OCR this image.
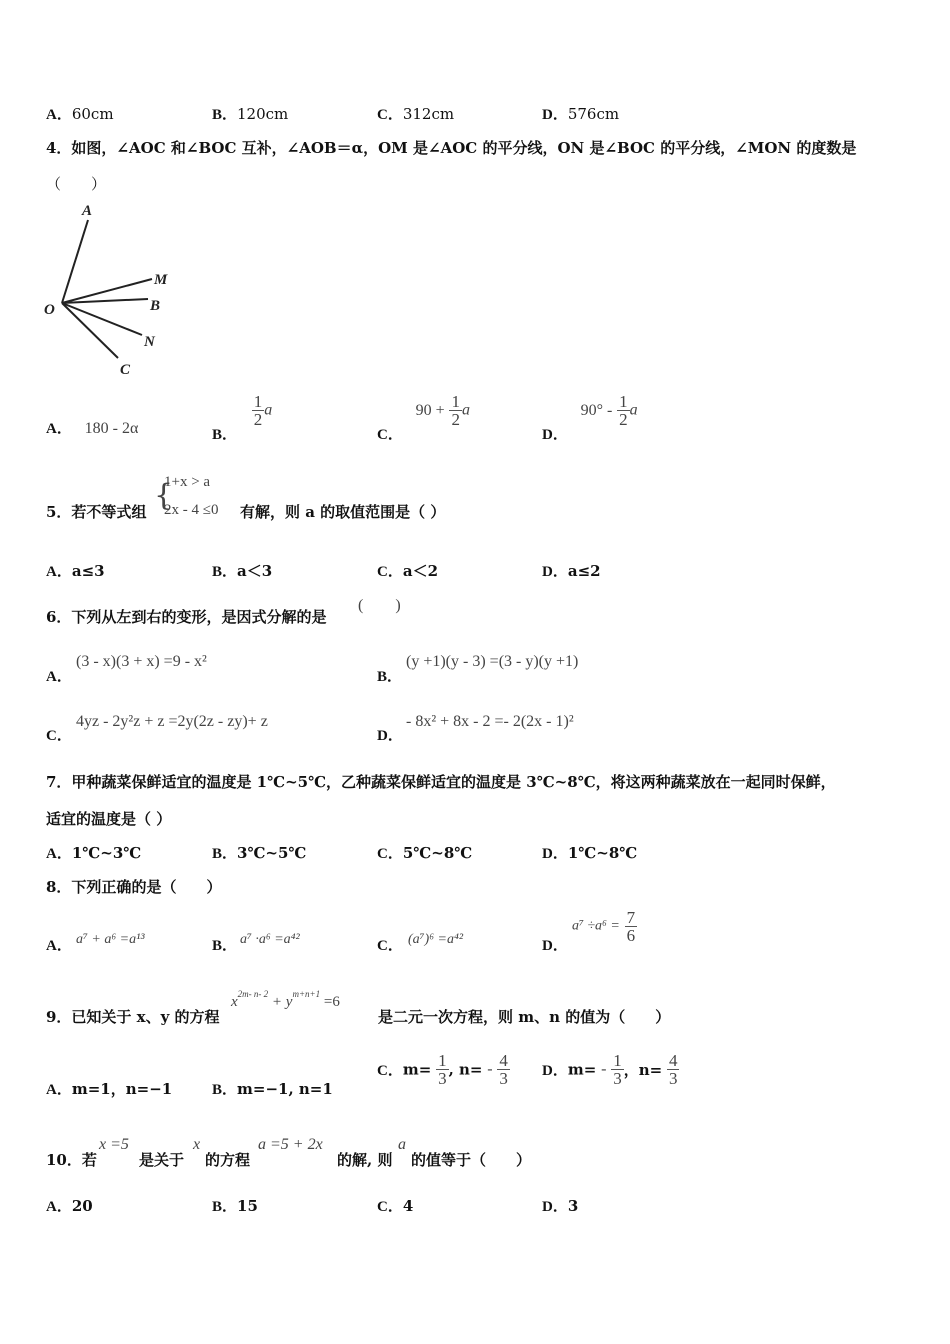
A．60cm	B．120cm	C．312cm	D．576cm
4．如图，∠AOC 和∠BOC 互补，∠AOB＝α，OM 是∠AOC 的平分线，ON 是∠BOC 的平分线，∠MON 的度数是
（　　）
A
M
O	B
N
C
A． 180 - 2α	B．
$\frac{1}{2}$ a
C． $90 + \frac{1}{2}$ a
D． $90^\circ - \frac{1}{2}$ a
5．若不等式组 {
1+x > a
2x - 4 ≤0 有解，则 a 的取值范围是（ ）
A．a≤3	B．a＜3	C．a＜2	D．a≤2
6．下列从左到右的变形，是因式分解的是
(　　)
A．
(3 - x)(3 + x) =9 - x²
B．
(y +1)(y - 3) =(3 - y)(y +1)
C．
4yz - 2y²z + z =2y(2z - zy)+ z
D．
- 8x² + 8x - 2 =- 2(2x - 1)²
7．甲种蔬菜保鲜适宜的温度是 1℃~5℃，乙种蔬菜保鲜适宜的温度是 3℃~8℃，将这两种蔬菜放在一起同时保鲜，
适宜的温度是（ ）
A．1℃~3℃	B．3℃~5℃	C．5℃~8℃	D．1℃~8℃
8．下列正确的是（　　）
A． a⁷ + a⁶ =a¹³	B． a⁷ ·a⁶ =a⁴²	C． (a⁷)⁶ =a⁴²	D．
$a^7 \div a^6 = \frac{7}{6}$
9．已知关于 x、y 的方程
$x^{2m- n- 2} + y^{m+n+1} =6$
是二元一次方程，则 m、n 的值为（　　）
A．m=1，n=−1	B．m=−1, n=1
C．$m= \frac{1}{3}$ , $n= - \frac{4}{3}$ D．$m= - \frac{1}{3}$ ，$n= \frac{4}{3}$
10．若
x =5
是关于
x
的方程
a =5 + 2x
的解, 则
a
的值等于（　　）
A．20	B．15	C．4	D．3
